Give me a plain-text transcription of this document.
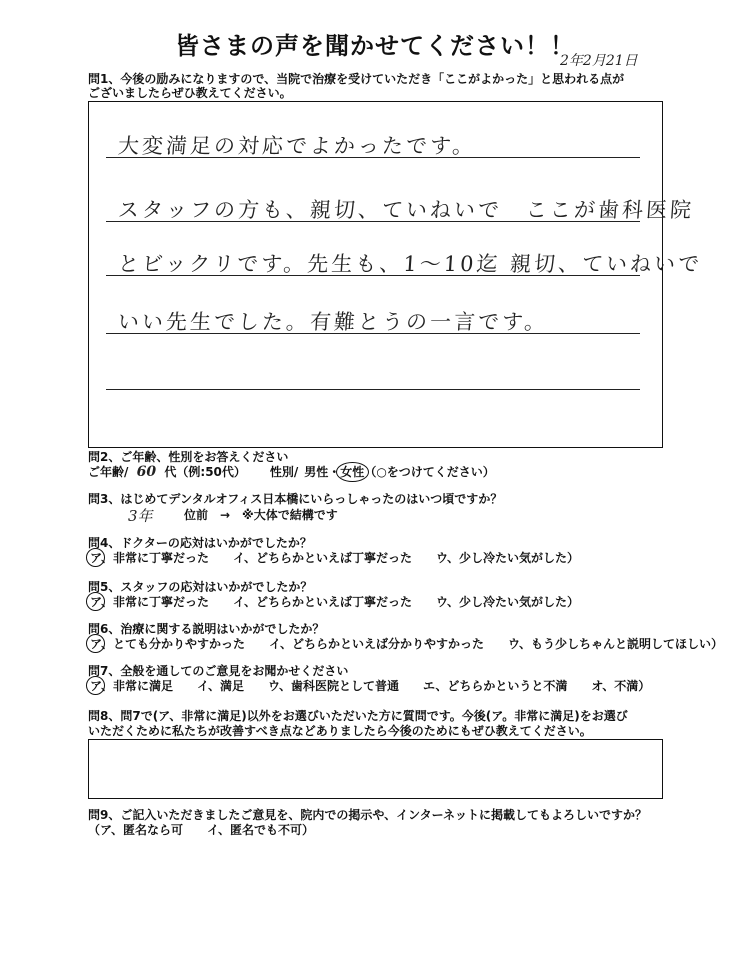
皆さまの声を聞かせてください！！
2年2月21日
問1、今後の励みになりますので、当院で治療を受けていただき「ここがよかった」と思われる点が
ございましたらぜひ教えてください。
大変満足の対応でよかったです。
スタッフの方も、親切、ていねいで　ここが歯科医院
とビックリです。先生も、1～10迄 親切、ていねいで
いい先生でした。有難とうの一言です。
問2、ご年齢、性別をお答えください
ご年齢/ 60 代（例:50代） 性別/ 男性・女性
（○をつけてください）
問3、はじめてデンタルオフィス日本橋にいらっしゃったのはいつ頃ですか？
3年	位前　→　※大体で結構です
問4、ドクターの応対はいかがでしたか？
ア、非常に丁寧だった　　イ、どちらかといえば丁寧だった　　ウ、少し冷たい気がした）
問5、スタッフの応対はいかがでしたか？
ア、非常に丁寧だった　　イ、どちらかといえば丁寧だった　　ウ、少し冷たい気がした）
問6、治療に関する説明はいかがでしたか？
ア、とても分かりやすかった　　イ、どちらかといえば分かりやすかった　　ウ、もう少しちゃんと説明してほしい）
問7、全般を通してのご意見をお聞かせください
ア、非常に満足　　イ、満足　　ウ、歯科医院として普通　　エ、どちらかというと不満　　オ、不満）
問8、問7で(ア、非常に満足)以外をお選びいただいた方に質問です。今後(ア。非常に満足)をお選び
いただくために私たちが改善すべき点などありましたら今後のためにもぜひ教えてください。
問9、ご記入いただきましたご意見を、院内での掲示や、インターネットに掲載してもよろしいですか？
（ア、匿名なら可　　イ、匿名でも不可）
